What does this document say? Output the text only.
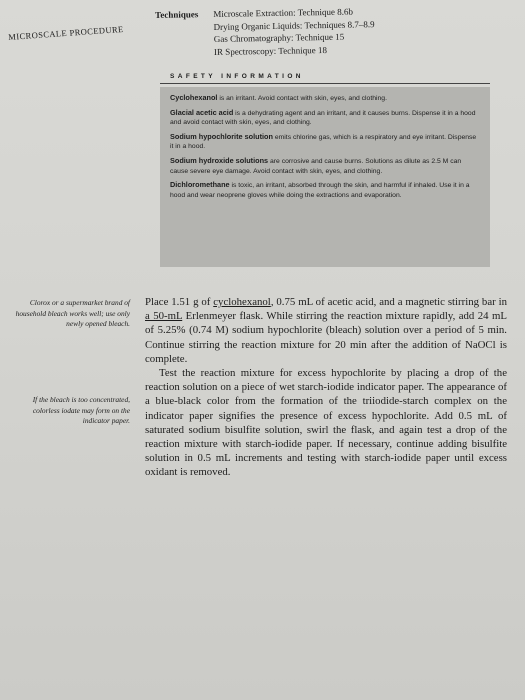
MICROSCALE PROCEDURE
Techniques Microscale Extraction: Technique 8.6b
Drying Organic Liquids: Techniques 8.7–8.9
Gas Chromatography: Technique 15
IR Spectroscopy: Technique 18
SAFETY INFORMATION

Cyclohexanol is an irritant. Avoid contact with skin, eyes, and clothing.

Glacial acetic acid is a dehydrating agent and an irritant, and it causes burns. Dispense it in a hood and avoid contact with skin, eyes, and clothing.

Sodium hypochlorite solution emits chlorine gas, which is a respiratory and eye irritant. Dispense it in a hood.

Sodium hydroxide solutions are corrosive and cause burns. Solutions as dilute as 2.5 M can cause severe eye damage. Avoid contact with skin, eyes, and clothing.

Dichloromethane is toxic, an irritant, absorbed through the skin, and harmful if inhaled. Use it in a hood and wear neoprene gloves while doing the extractions and evaporation.

Clorox or a supermarket brand of household bleach works well; use only newly opened bleach.
If the bleach is too concentrated, colorless iodate may form on the indicator paper.

Place 1.51 g of cyclohexanol, 0.75 mL of acetic acid, and a magnetic stirring bar in a 50-mL Erlenmeyer flask. While stirring the reaction mixture rapidly, add 24 mL of 5.25% (0.74 M) sodium hypochlorite (bleach) solution over a period of 5 min. Continue stirring the reaction mixture for 20 min after the addition of NaOCl is complete.

Test the reaction mixture for excess hypochlorite by placing a drop of the reaction solution on a piece of wet starch-iodide indicator paper. The appearance of a blue-black color from the formation of the triiodide-starch complex on the indicator paper signifies the presence of excess hypochlorite. Add 0.5 mL of saturated sodium bisulfite solution, swirl the flask, and again test a drop of the reaction mixture with starch-iodide paper. If necessary, continue adding bisulfite solution in 0.5 mL increments and testing with starch-iodide paper until excess oxidant is removed.
